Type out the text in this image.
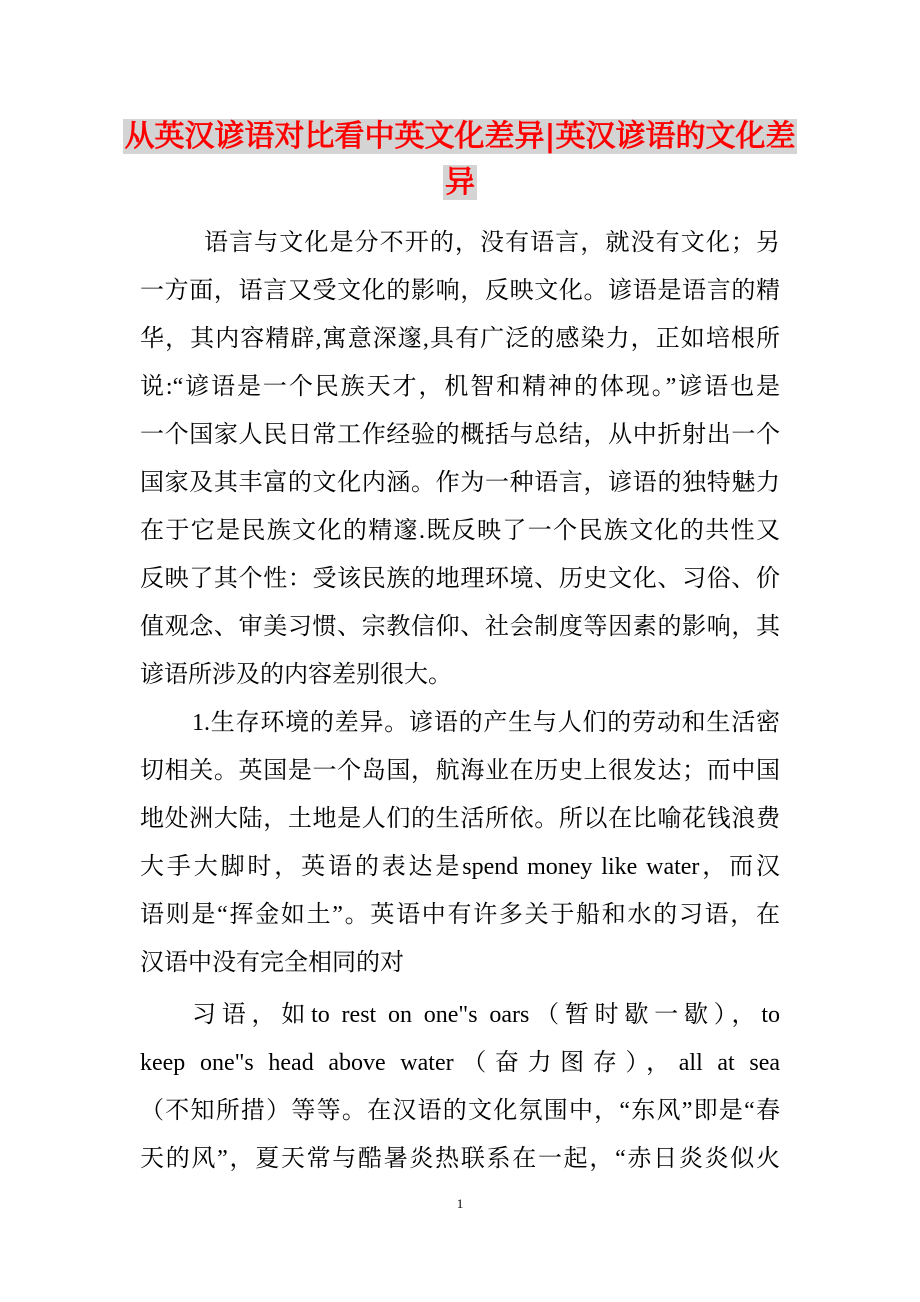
从英汉谚语对比看中英文化差异|英汉谚语的文化差
异
语言与文化是分不开的，没有语言，就没有文化；另
一方面，语言又受文化的影响，反映文化。谚语是语言的精
华，其内容精辟,寓意深邃,具有广泛的感染力，正如培根所
说:“谚语是一个民族天才，机智和精神的体现。”谚语也是
一个国家人民日常工作经验的概括与总结，从中折射出一个
国家及其丰富的文化内涵。作为一种语言，谚语的独特魅力
在于它是民族文化的精邃.既反映了一个民族文化的共性又
反映了其个性：受该民族的地理环境、历史文化、习俗、价
值观念、审美习惯、宗教信仰、社会制度等因素的影响，其
谚语所涉及的内容差别很大。
1.生存环境的差异。谚语的产生与人们的劳动和生活密
切相关。英国是一个岛国，航海业在历史上很发达；而中国
地处洲大陆，土地是人们的生活所依。所以在比喻花钱浪费
大手大脚时，英语的表达是spend money like water，而汉
语则是“挥金如土”。英语中有许多关于船和水的习语，在
汉语中没有完全相同的对
习语，如to rest on one"s oars（暂时歇一歇），to
keep one"s head above water（奋力图存），all at sea
（不知所措）等等。在汉语的文化氛围中，“东风”即是“春
天的风”，夏天常与酷暑炎热联系在一起，“赤日炎炎似火
1
